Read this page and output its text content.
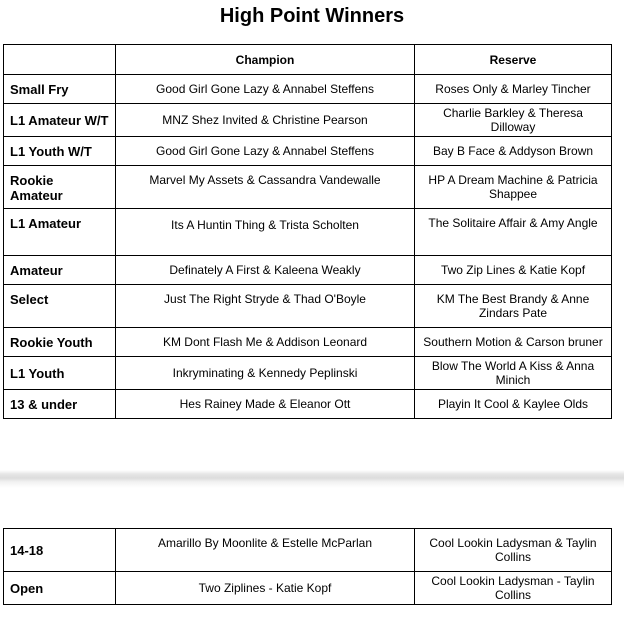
High Point Winners
	Champion	Reserve
Small Fry	Good Girl Gone Lazy & Annabel Steffens	Roses Only & Marley Tincher
L1 Amateur W/T	MNZ Shez Invited & Christine Pearson	Charlie Barkley & Theresa Dilloway
L1 Youth W/T	Good Girl Gone Lazy & Annabel Steffens	Bay B Face & Addyson Brown
Rookie Amateur	Marvel My Assets & Cassandra Vandewalle	HP A Dream Machine & Patricia Shappee
L1 Amateur	Its A Huntin Thing & Trista Scholten	The Solitaire Affair & Amy Angle
Amateur	Definately A First & Kaleena Weakly	Two Zip Lines & Katie Kopf
Select	Just The Right Stryde & Thad O'Boyle	KM The Best Brandy & Anne Zindars Pate
Rookie Youth	KM Dont Flash Me & Addison Leonard	Southern Motion & Carson bruner
L1 Youth	Inkryminating & Kennedy Peplinski	Blow The World A Kiss & Anna Minich
13 & under	Hes Rainey Made & Eleanor Ott	Playin It Cool & Kaylee Olds
14-18	Amarillo By Moonlite & Estelle McParlan	Cool Lookin Ladysman & Taylin Collins
Open	Two Ziplines - Katie Kopf	Cool Lookin Ladysman - Taylin Collins
